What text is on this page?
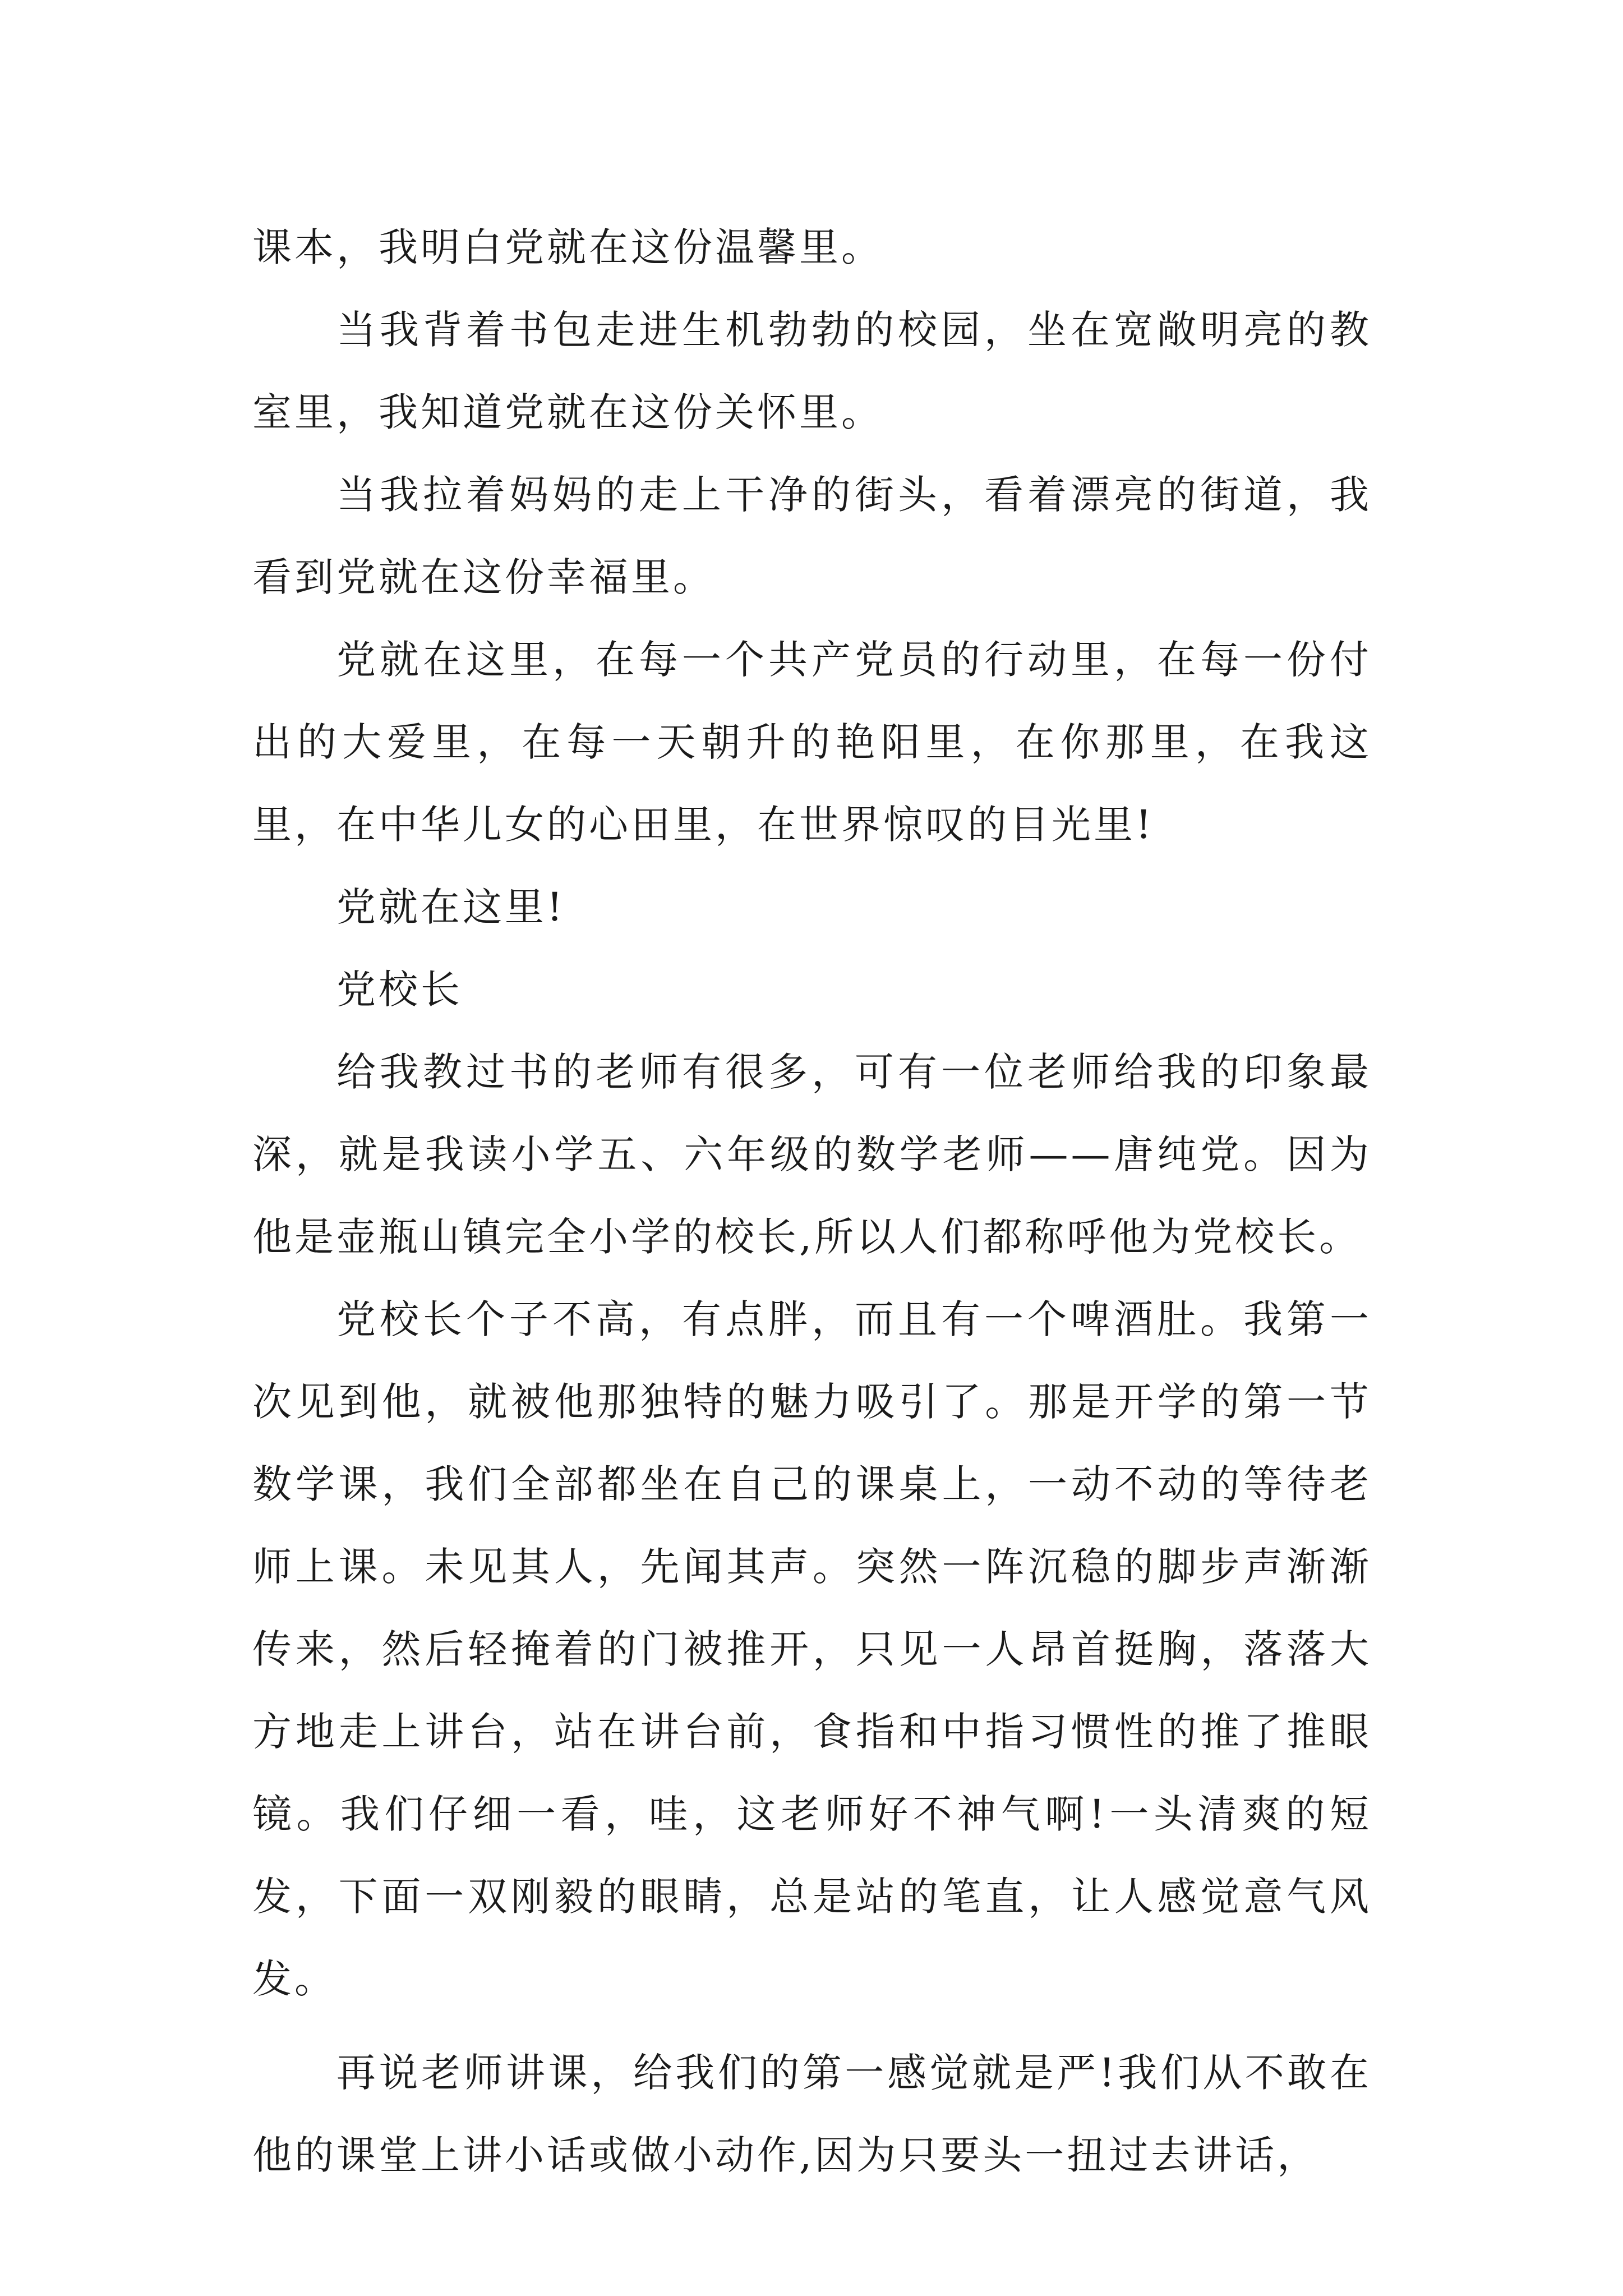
课本，我明白党就在这份温馨里。

当我背着书包走进生机勃勃的校园，坐在宽敞明亮的教室里，我知道党就在这份关怀里。

当我拉着妈妈的走上干净的街头，看着漂亮的街道，我看到党就在这份幸福里。

党就在这里，在每一个共产党员的行动里，在每一份付出的大爱里，在每一天朝升的艳阳里，在你那里，在我这里，在中华儿女的心田里，在世界惊叹的目光里!

党就在这里!

党校长

给我教过书的老师有很多，可有一位老师给我的印象最深，就是我读小学五、六年级的数学老师——唐纯党。因为他是壶瓶山镇完全小学的校长,所以人们都称呼他为党校长。

党校长个子不高，有点胖，而且有一个啤酒肚。我第一次见到他，就被他那独特的魅力吸引了。那是开学的第一节数学课，我们全部都坐在自己的课桌上，一动不动的等待老师上课。未见其人，先闻其声。突然一阵沉稳的脚步声渐渐传来，然后轻掩着的门被推开，只见一人昂首挺胸，落落大方地走上讲台，站在讲台前，食指和中指习惯性的推了推眼镜。我们仔细一看，哇，这老师好不神气啊!一头清爽的短发，下面一双刚毅的眼睛，总是站的笔直，让人感觉意气风发。

再说老师讲课，给我们的第一感觉就是严!我们从不敢在他的课堂上讲小话或做小动作,因为只要头一扭过去讲话，
